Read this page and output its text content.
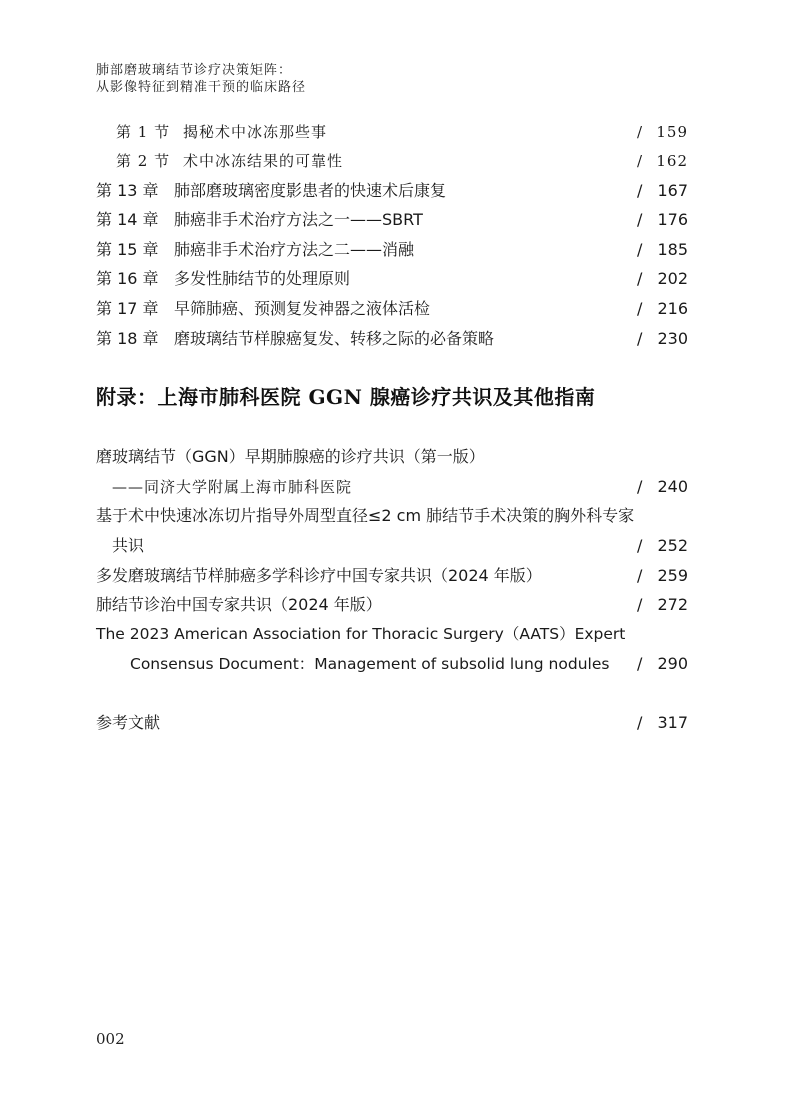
肺部磨玻璃结节诊疗决策矩阵：
从影像特征到精准干预的临床路径
第 1 节 揭秘术中冰冻那些事	/ 159
第 2 节 术中冰冻结果的可靠性	/ 162
第 13 章 肺部磨玻璃密度影患者的快速术后康复	/ 167
第 14 章 肺癌非手术治疗方法之一——SBRT	/ 176
第 15 章 肺癌非手术治疗方法之二——消融	/ 185
第 16 章 多发性肺结节的处理原则	/ 202
第 17 章 早筛肺癌、预测复发神器之液体活检	/ 216
第 18 章 磨玻璃结节样腺癌复发、转移之际的必备策略	/ 230
附录：上海市肺科医院 GGN 腺癌诊疗共识及其他指南
磨玻璃结节（GGN）早期肺腺癌的诊疗共识（第一版）
——同济大学附属上海市肺科医院	/ 240
基于术中快速冰冻切片指导外周型直径≤2 cm 肺结节手术决策的胸外科专家
共识	/ 252
多发磨玻璃结节样肺癌多学科诊疗中国专家共识（2024 年版）	/ 259
肺结节诊治中国专家共识（2024 年版）	/ 272
The 2023 American Association for Thoracic Surgery（AATS）Expert
Consensus Document：Management of subsolid lung nodules / 290
参考文献	/ 317
002
